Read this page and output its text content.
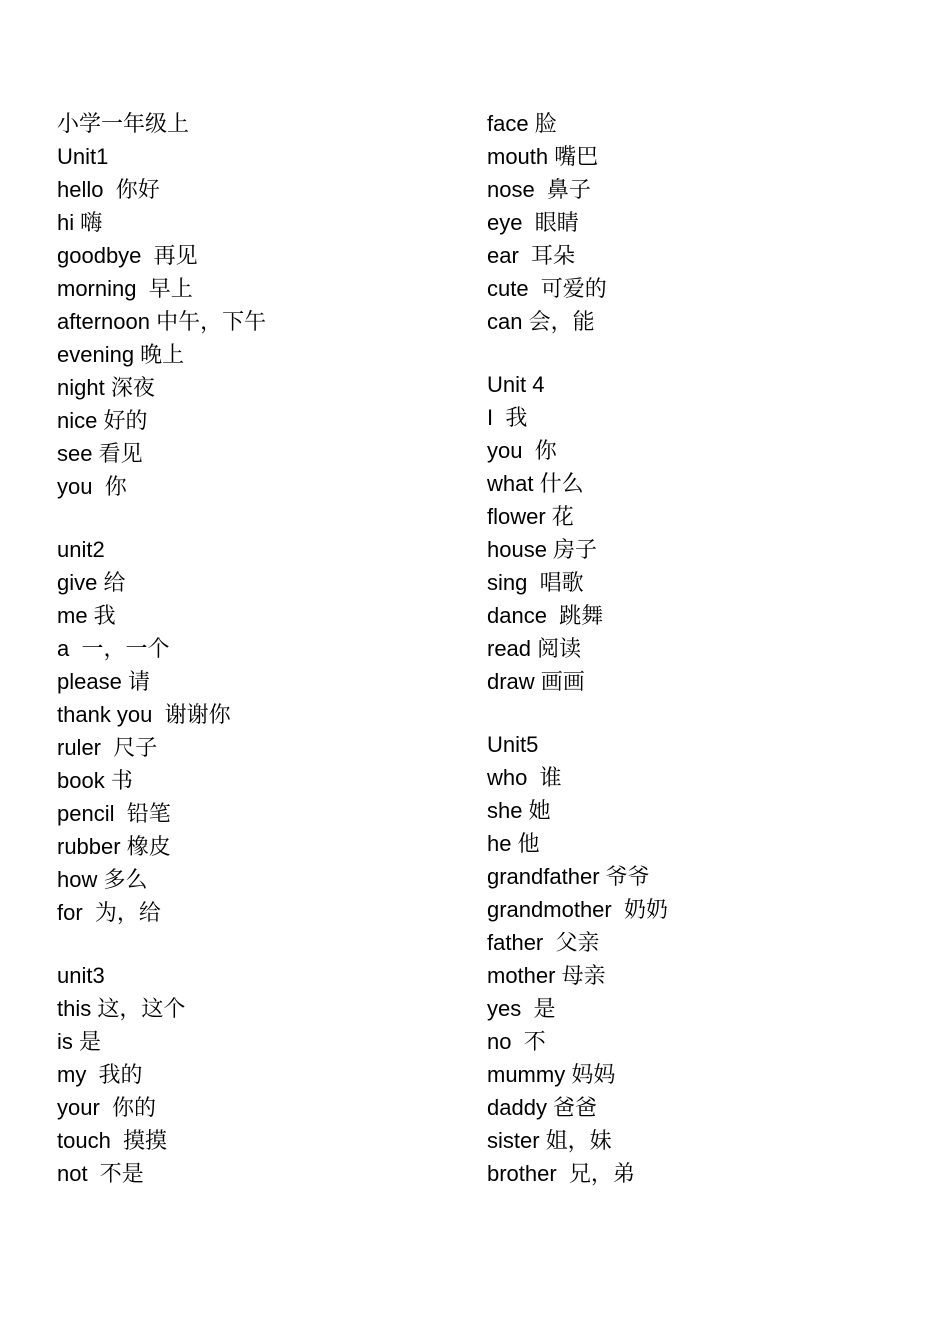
小学一年级上
Unit1
hello  你好
hi 嗨
goodbye  再见
morning  早上
afternoon 中午，下午
evening 晚上
night 深夜
nice 好的
see 看见
you  你
unit2
give 给
me 我
a  一，一个
please 请
thank you  谢谢你
ruler  尺子
book 书
pencil  铅笔
rubber 橡皮
how 多么
for  为，给
unit3
this 这，这个
is 是
my  我的
your  你的
touch  摸摸
not  不是
face 脸
mouth 嘴巴
nose  鼻子
eye  眼睛
ear  耳朵
cute  可爱的
can 会，能
Unit 4
I  我
you  你
what 什么
flower 花
house 房子
sing  唱歌
dance  跳舞
read 阅读
draw 画画
Unit5
who  谁
she 她
he 他
grandfather 爷爷
grandmother  奶奶
father  父亲
mother 母亲
yes  是
no  不
mummy 妈妈
daddy 爸爸
sister 姐，妹
brother  兄，弟
